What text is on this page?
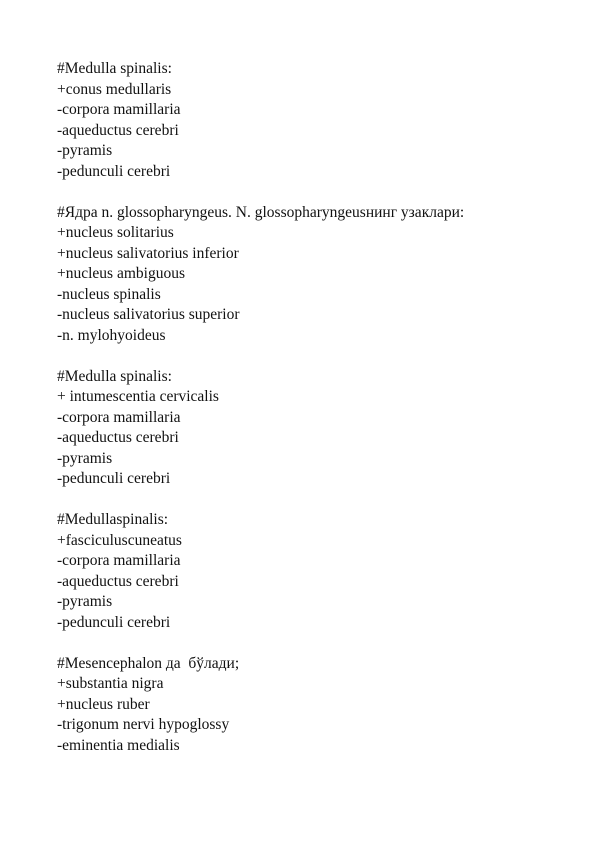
#Medulla spinalis:
+conus medullaris
-corpora mamillaria
-aqueductus cerebri
-pyramis
-pedunculi cerebri
#Ядра n. glossopharyngeus. N. glossopharyngeusнинг узаклари:
+nucleus solitarius
+nucleus salivatorius inferior
+nucleus ambiguous
-nucleus spinalis
-nucleus salivatorius superior
-n. mylohyoideus
#Medulla spinalis:
+ intumescentia cervicalis
-corpora mamillaria
-aqueductus cerebri
-pyramis
-pedunculi cerebri
#Medullaspinalis:
+fasciculuscuneatus
-corpora mamillaria
-aqueductus cerebri
-pyramis
-pedunculi cerebri
#Mesencephalon да  бўлади;
+substantia nigra
+nucleus ruber
-trigonum nervi hypoglossy
-eminentia medialis
